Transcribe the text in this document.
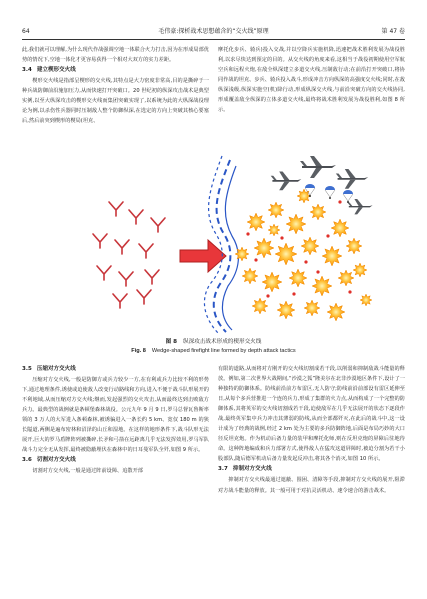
64	毛伟豪:探析战术思想蕴含的“交火线”原理	第 47 卷

此,我们就可以理解,为什么现代作战强调空地一体联合火力打击,因为在形成局部优势的情况下,空地一体化才更容易获得一个相对大双方的实力差距。

3.4 建立楔形交火线

楔形交火线是指部呈楔形的交火线,其特点是大力密度非常高,目的是撕碎于一种兵战防御前沿施加压力,从而快速打开突破口。20 世纪初的纵深攻击战术是典型实例,以至大纵深攻击的楔形交火线而集团突破实现了,以系统为此的大纵深战役理论为例,以杀伤性兵器同时压制敌人整个防御纵深,在选定的方向上突破其核心要塞后,然后前突到楔形的楔局(坦克、

摩托化步兵、骑兵)投入交战,并以空降兵实施机降,迅速把战术胜利发展为战役胜利,以求尽快达到预定的目的。从交火线的角度来看,这相当于战役初期使用空军航空兵和远程火炮,在敌全纵深建立多道交火线,压制敌行动;在前沿打开突破口,将协同作战的坦克、步兵、骑兵投入战斗,形成冲击方向纵深的高强度交火线;同时,在敌纵深浅级,纵深实施空(机)降行动,形成纵深交火线,与前沿突破方向的交火线协同,形成覆盖敌全纵深的立体多道交火线,最终将战术胜利发展为战役胜利,如图 8 所示。

图 8 纵深攻击战术形成的楔形交火线
Fig. 8 Wedge-shaped firefight line formed by depth attack tactics
3.5 压缩对方交火线

压缩对方交火线,一般是防御方或兵力较少一方,在有利或兵力比较不利的形势下,通过地理条件,诱使或迫使敌人改变行动路线和方向,进入不便于战斗队形展开的不利地域,从而压缩对方交火线;继而,发起强烈的交火攻击,从而最终达到击败敌方兵力。最典型的战例就是条顿堡森林战役。公元九年 9 月 9 日,罗马总督瓦鲁斯率领的 3 万人的大军进入条顿森林,被诱骗进入一条长约 5 km、宽仅 180 m 的狭长隘道,两侧是遍布密林和沼泽的山丘和湿地。在这样的地形条件下,战斗队形无法展开,巨大的罗马盾牌阵列被撕碎,长矛和弓箭在远距离几乎无法发挥效用,罗马军队战斗力完全无从发挥,最终被隐蔽埋伏在森林中的日耳曼军队全歼,如图 9 所示。

3.6 切割对方交火线

切割对方交火线,一般是通过阵前设障、追散开部

有限的道路,从而将对方刚开的交火线切割成若干段,以削弱和抑制敌战斗能量的释放。例如,第二次世界大战期间,“沙漠之狐”隆美尔在北非沙漠地区条件下,设计了一种独特的防御体系。防线前沿前方布雷区,无人防守;防线前沿前部设有雷区延伸至日,从每个多兵营推进一个连的兵力,形成了集群的火力点,从而构成了一个完整的防御体系,其将英军的交火线切割成若干段,迫使敌军在几乎无法展开的状态下逐段作战,最终英军集中兵力冲击其薄弱的防线,从而全部都歼灭,在此后的战斗中,这一设计成为了经典的战例,经过 2 km 处为主要的多兵防御阵地,后面是布局巧妙的大口径反坦克炮。作为机动后备力量的装甲和摩托化师,则在反坦克炮的屏障后驻地待命。这种阵地编成和兵力部署方式,使得敌人在猛攻这道屏障时,被迫分割为若干小股部队,随后德军机动后备力量发起反冲击,将其各个消灭,如图 10 所示。

3.7 抑制对方交火线

抑制对方交火线最通过遮蔽、围困、清障等手段,抑制对方交火线的展开,阻滞对方战斗能量的释放。其一般可用于对抗灵活机动、速令速合的游击战术。
